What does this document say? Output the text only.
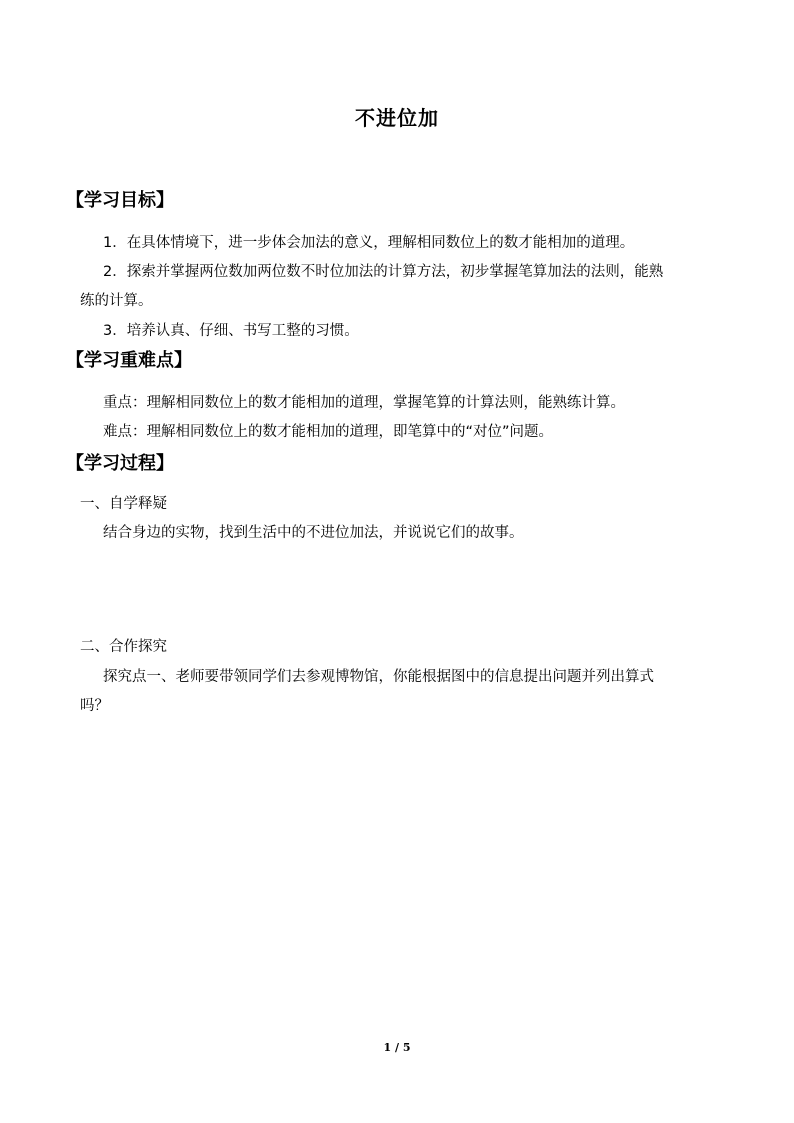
不进位加
【学习目标】
1．在具体情境下，进一步体会加法的意义，理解相同数位上的数才能相加的道理。
2．探索并掌握两位数加两位数不时位加法的计算方法，初步掌握笔算加法的法则，能熟
练的计算。
3．培养认真、仔细、书写工整的习惯。
【学习重难点】
重点：理解相同数位上的数才能相加的道理，掌握笔算的计算法则，能熟练计算。
难点：理解相同数位上的数才能相加的道理，即笔算中的“对位”问题。
【学习过程】
一、自学释疑
结合身边的实物，找到生活中的不进位加法，并说说它们的故事。
二、合作探究
探究点一、老师要带领同学们去参观博物馆，你能根据图中的信息提出问题并列出算式
吗？
1 / 5
